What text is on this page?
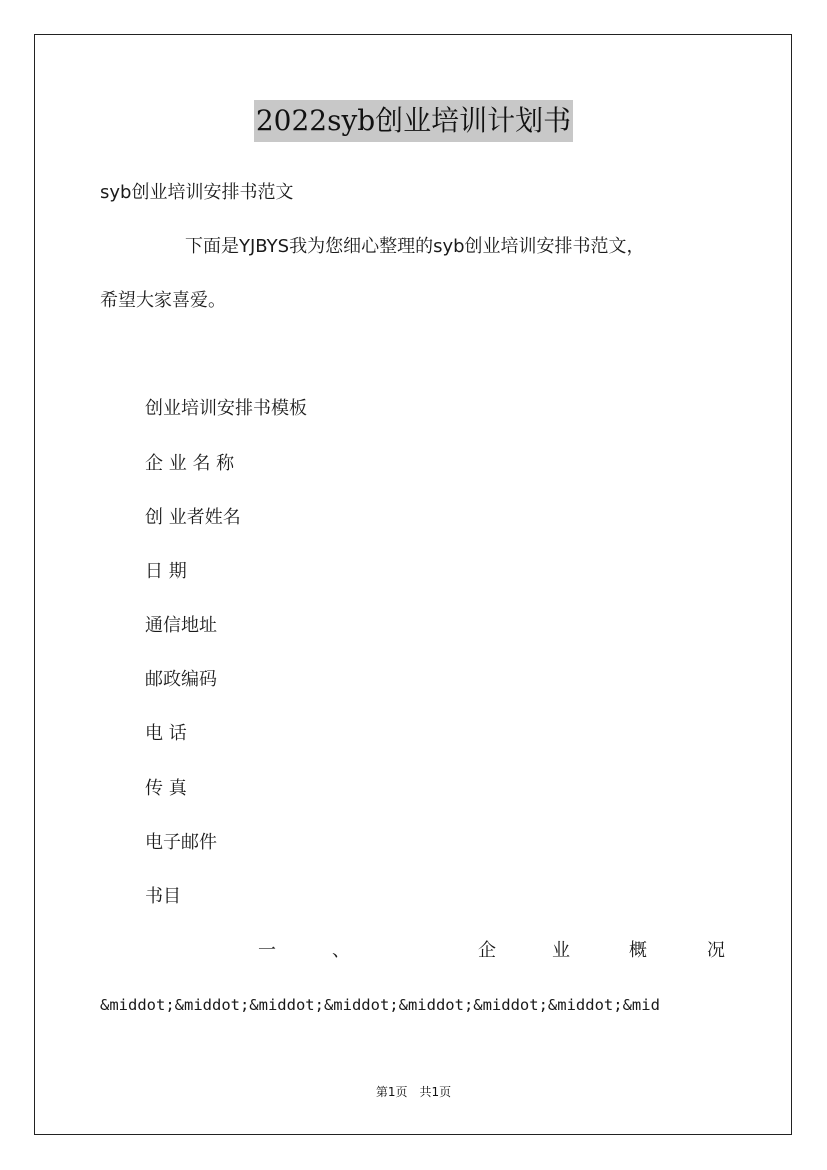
2022syb创业培训计划书
syb创业培训安排书范文
下面是YJBYS我为您细心整理的syb创业培训安排书范文，
希望大家喜爱。
创业培训安排书模板
企 业 名 称
创 业者姓名
日 期
通信地址
邮政编码
电 话
传 真
电子邮件
书目
一	、	企	业	概	况
&middot;&middot;&middot;&middot;&middot;&middot;&middot;&mid
第1页　共1页
